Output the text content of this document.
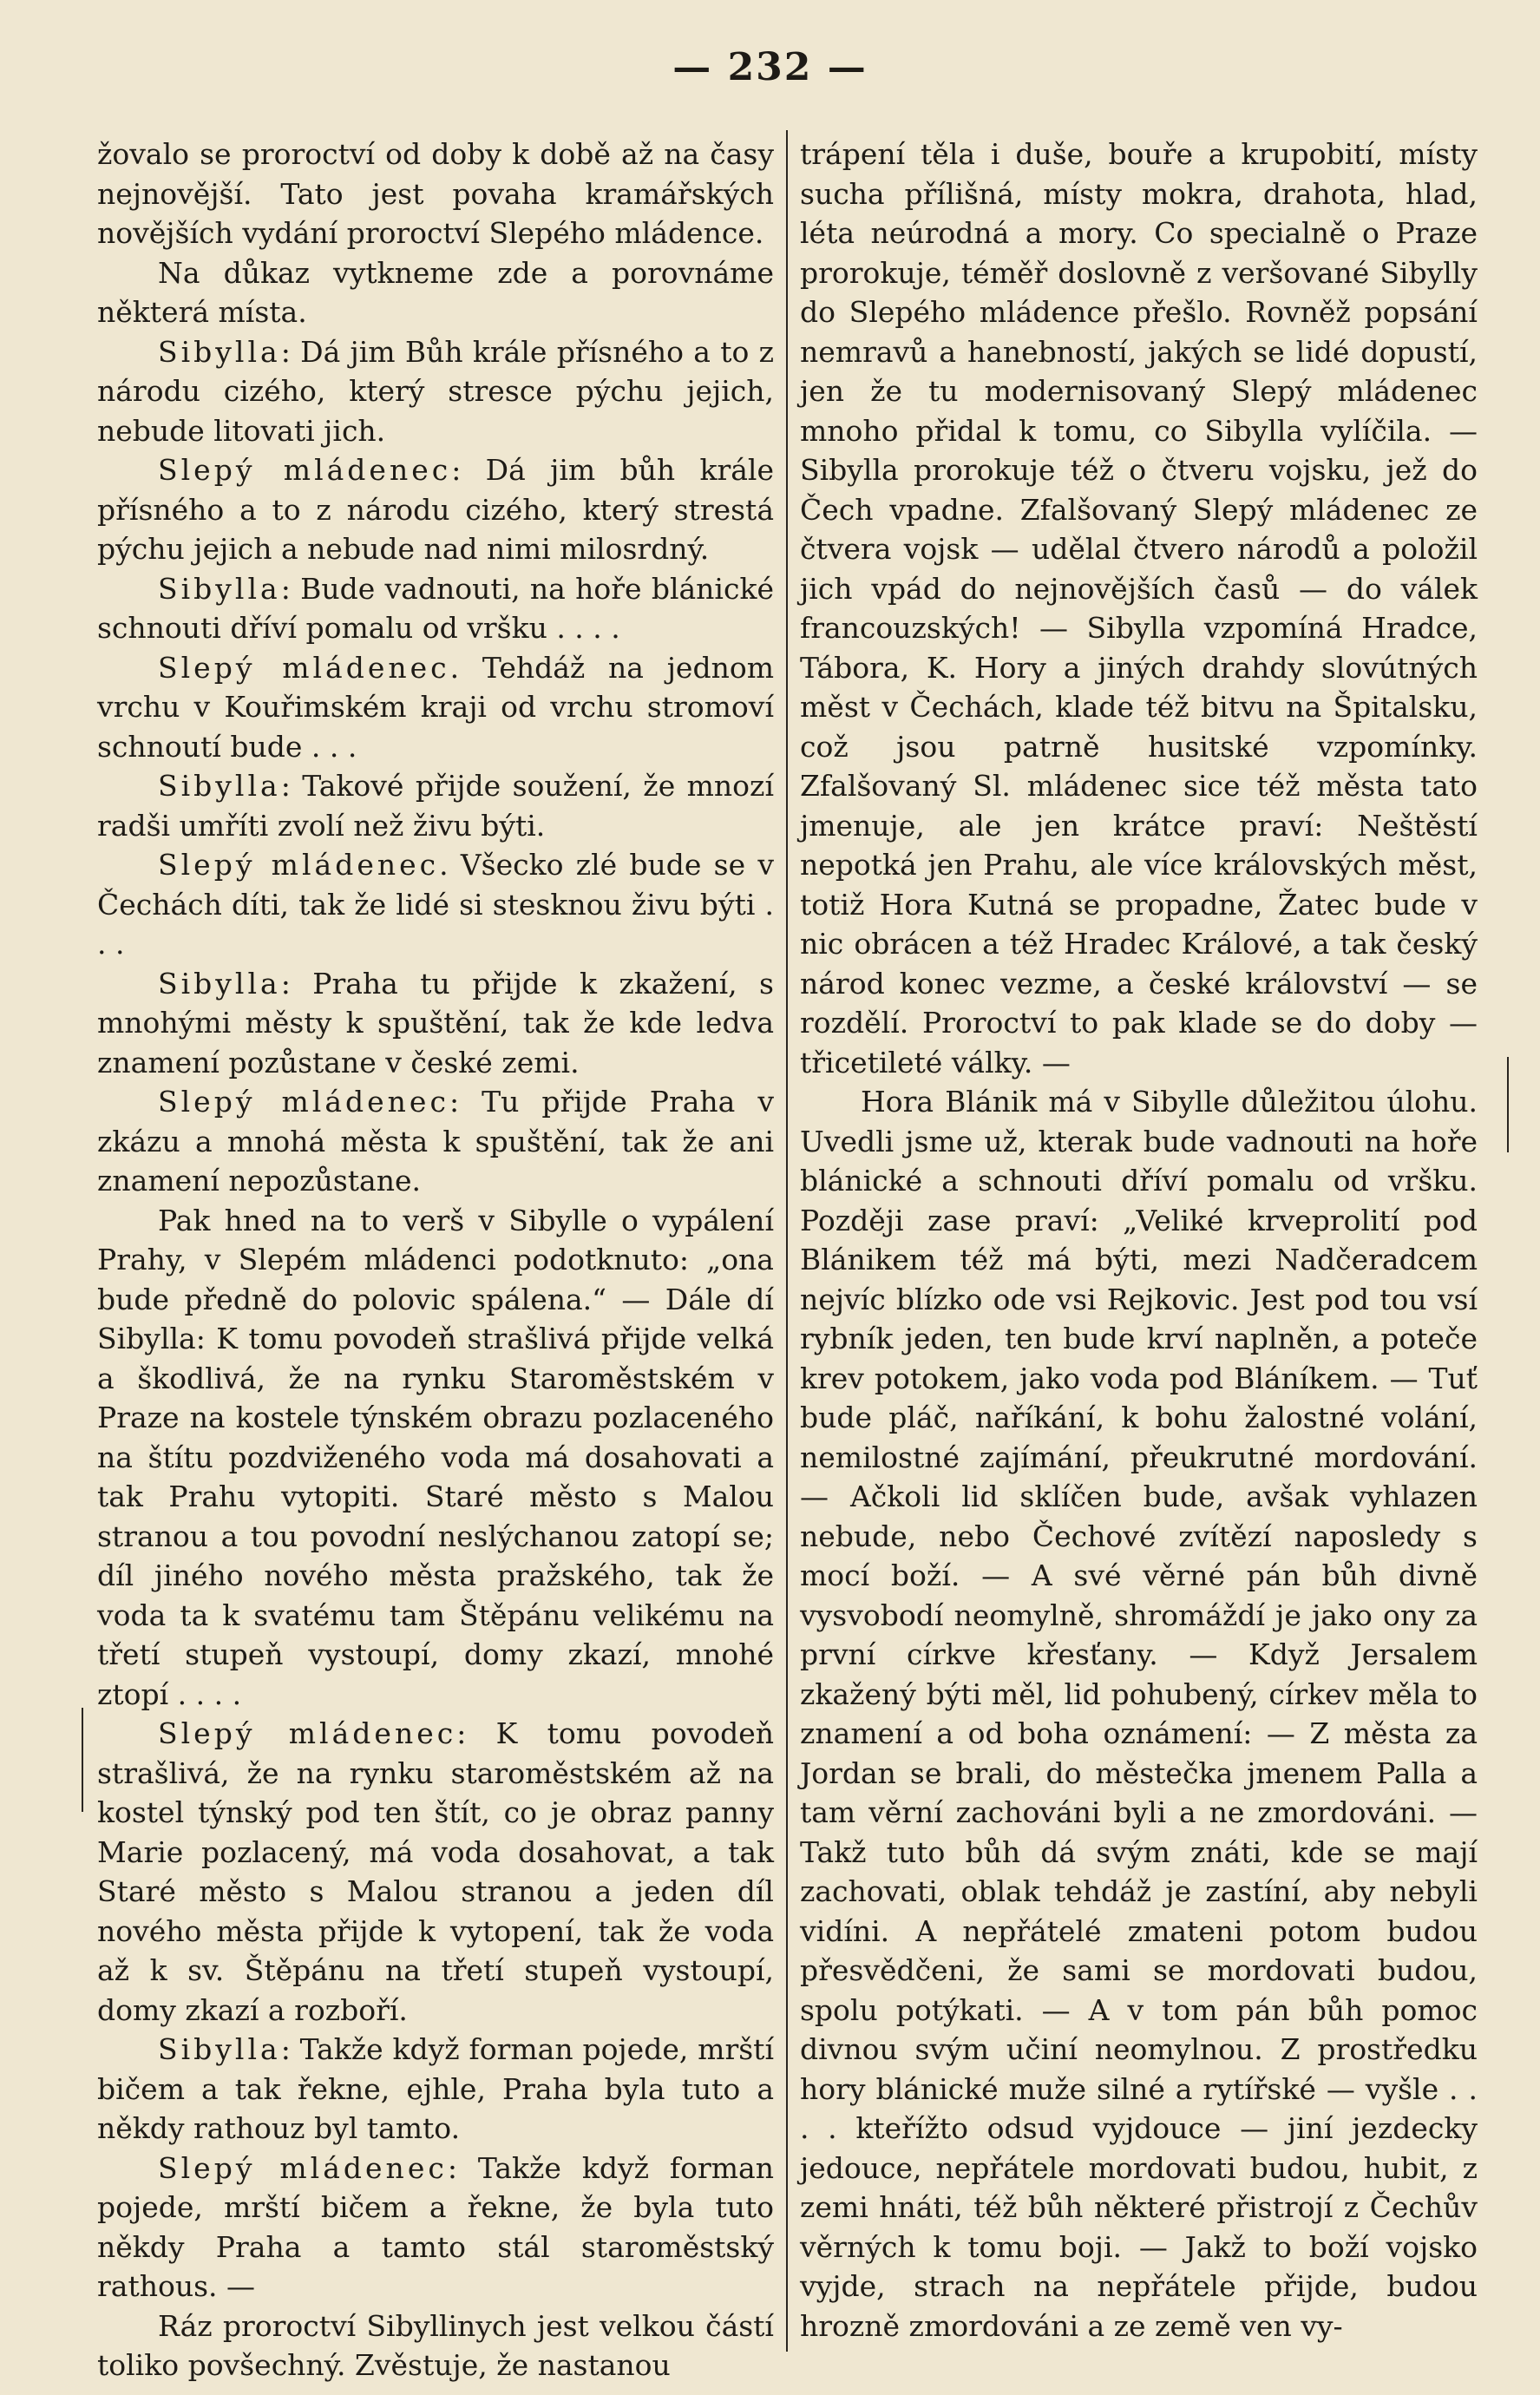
— 232 —

žovalo se proroctví od doby k době až na časy nejnovější. Tato jest povaha kramářských novějších vydání proroctví Slepého mládence.

Na důkaz vytkneme zde a porovnáme některá místa.

Sibylla: Dá jim Bůh krále přísného a to z národu cizého, který stresce pýchu jejich, nebude litovati jich.

Slepý mládenec: Dá jim bůh krále přísného a to z národu cizého, který strestá pýchu jejich a nebude nad nimi milosrdný.

Sibylla: Bude vadnouti, na hoře blánické schnouti dříví pomalu od vršku . . . .

Slepý mládenec. Tehdáž na jednom vrchu v Kouřimském kraji od vrchu stromoví schnoutí bude . . .

Sibylla: Takové přijde soužení, že mnozí radši umříti zvolí než živu býti.

Slepý mládenec. Všecko zlé bude se v Čechách díti, tak že lidé si stesknou živu býti . . .

Sibylla: Praha tu přijde k zkažení, s mnohými městy k spuštění, tak že kde ledva znamení pozůstane v české zemi.

Slepý mládenec: Tu přijde Praha v zkázu a mnohá města k spuštění, tak že ani znamení nepozůstane.

Pak hned na to verš v Sibylle o vypálení Prahy, v Slepém mládenci podotknuto: „ona bude předně do polovic spálena.“ — Dále dí Sibylla: K tomu povodeň strašlivá přijde velká a škodlivá, že na rynku Staroměstském v Praze na kostele týnském obrazu pozlaceného na štítu pozdviženého voda má dosahovati a tak Prahu vytopiti. Staré město s Malou stranou a tou povodní neslýchanou zatopí se; díl jiného nového města pražského, tak že voda ta k svatému tam Štěpánu velikému na třetí stupeň vystoupí, domy zkazí, mnohé ztopí . . . .

Slepý mládenec: K tomu povodeň strašlivá, že na rynku staroměstském až na kostel týnský pod ten štít, co je obraz panny Marie pozlacený, má voda dosahovat, a tak Staré město s Malou stranou a jeden díl nového města přijde k vytopení, tak že voda až k sv. Štěpánu na třetí stupeň vystoupí, domy zkazí a rozboří.

Sibylla: Takže když forman pojede, mrští bičem a tak řekne, ejhle, Praha byla tuto a někdy rathouz byl tamto.

Slepý mládenec: Takže když forman pojede, mrští bičem a řekne, že byla tuto někdy Praha a tamto stál staroměstský rathous. —

Ráz proroctví Sibyllinych jest velkou částí toliko povšechný. Zvěstuje, že nastanou

trápení těla i duše, bouře a krupobití, místy sucha přílišná, místy mokra, drahota, hlad, léta neúrodná a mory. Co specialně o Praze prorokuje, téměř doslovně z veršované Sibylly do Slepého mládence přešlo. Rovněž popsání nemravů a hanebností, jakých se lidé dopustí, jen že tu modernisovaný Slepý mládenec mnoho přidal k tomu, co Sibylla vylíčila. — Sibylla prorokuje též o čtveru vojsku, jež do Čech vpadne. Zfalšovaný Slepý mládenec ze čtvera vojsk — udělal čtvero národů a položil jich vpád do nejnovějších časů — do válek francouzských! — Sibylla vzpomíná Hradce, Tábora, K. Hory a jiných drahdy slovútných měst v Čechách, klade též bitvu na Špitalsku, což jsou patrně husitské vzpomínky. Zfalšovaný Sl. mládenec sice též města tato jmenuje, ale jen krátce praví: Neštěstí nepotká jen Prahu, ale více královských měst, totiž Hora Kutná se propadne, Žatec bude v nic obrácen a též Hradec Králové, a tak český národ konec vezme, a české království — se rozdělí. Proroctví to pak klade se do doby — třicetileté války. —

Hora Blánik má v Sibylle důležitou úlohu. Uvedli jsme už, kterak bude vadnouti na hoře blánické a schnouti dříví pomalu od vršku. Později zase praví: „Veliké krveprolití pod Blánikem též má býti, mezi Nadčeradcem nejvíc blízko ode vsi Rejkovic. Jest pod tou vsí rybník jeden, ten bude krví naplněn, a poteče krev potokem, jako voda pod Bláníkem. — Tuť bude pláč, naříkání, k bohu žalostné volání, nemilostné zajímání, přeukrutné mordování. — Ačkoli lid sklíčen bude, avšak vyhlazen nebude, nebo Čechové zvítězí naposledy s mocí boží. — A své věrné pán bůh divně vysvobodí neomylně, shromáždí je jako ony za první církve křesťany. — Když Jersalem zkažený býti měl, lid pohubený, církev měla to znamení a od boha oznámení: — Z města za Jordan se brali, do městečka jmenem Palla a tam věrní zachováni byli a ne zmordováni. — Takž tuto bůh dá svým znáti, kde se mají zachovati, oblak tehdáž je zastíní, aby nebyli vidíni. A nepřátelé zmateni potom budou přesvědčeni, že sami se mordovati budou, spolu potýkati. — A v tom pán bůh pomoc divnou svým učiní neomylnou. Z prostředku hory blánické muže silné a rytířské — vyšle . . . . kteřížto odsud vyjdouce — jiní jezdecky jedouce, nepřátele mordovati budou, hubit, z zemi hnáti, též bůh některé přistrojí z Čechův věrných k tomu boji. — Jakž to boží vojsko vyjde, strach na nepřátele přijde, budou hrozně zmordováni a ze země ven vy-
